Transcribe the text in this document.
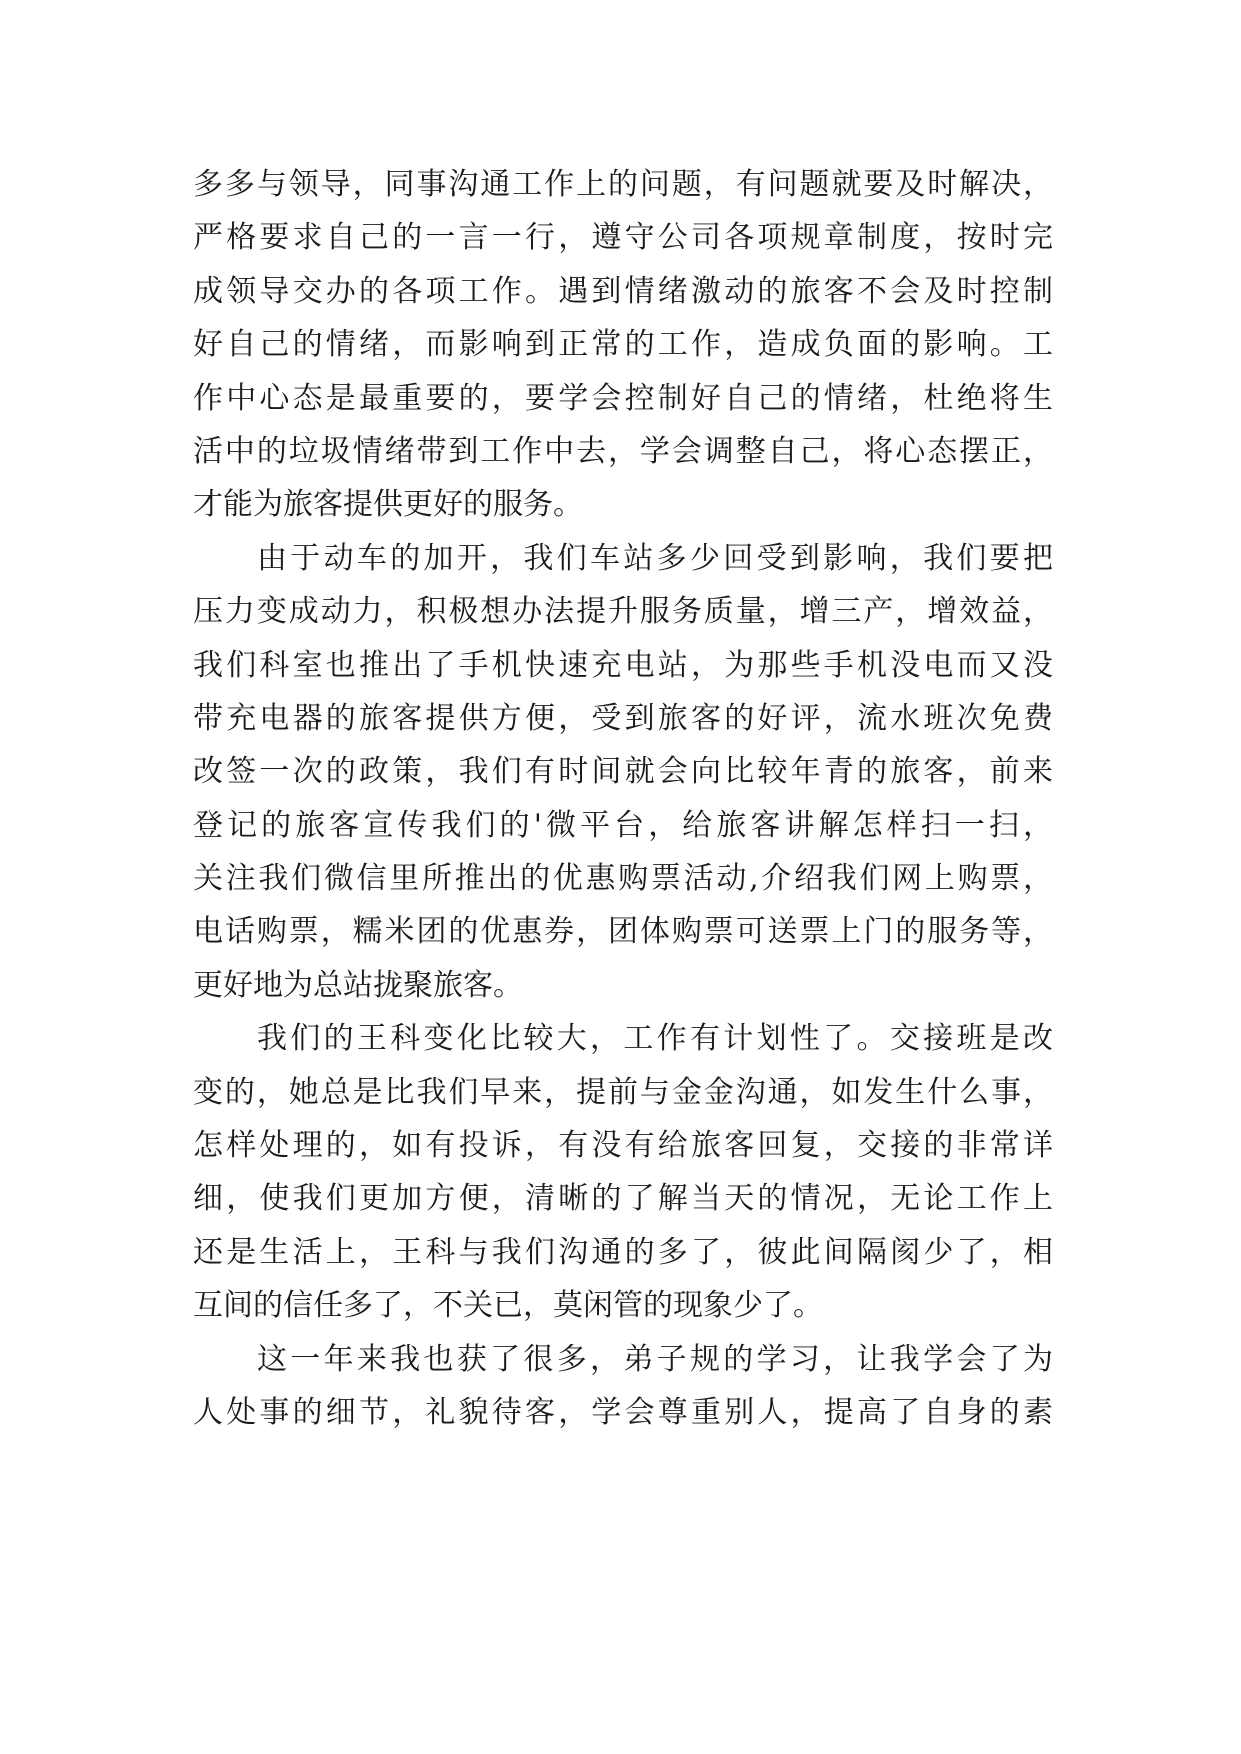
多多与领导，同事沟通工作上的问题，有问题就要及时解决，
严格要求自己的一言一行，遵守公司各项规章制度，按时完
成领导交办的各项工作。遇到情绪激动的旅客不会及时控制
好自己的情绪，而影响到正常的工作，造成负面的影响。工
作中心态是最重要的，要学会控制好自己的情绪，杜绝将生
活中的垃圾情绪带到工作中去，学会调整自己，将心态摆正，
才能为旅客提供更好的服务。
由于动车的加开，我们车站多少回受到影响，我们要把
压力变成动力，积极想办法提升服务质量，增三产，增效益，
我们科室也推出了手机快速充电站，为那些手机没电而又没
带充电器的旅客提供方便，受到旅客的好评，流水班次免费
改签一次的政策，我们有时间就会向比较年青的旅客，前来
登记的旅客宣传我们的'微平台，给旅客讲解怎样扫一扫，
关注我们微信里所推出的优惠购票活动,介绍我们网上购票，
电话购票，糯米团的优惠券，团体购票可送票上门的服务等，
更好地为总站拢聚旅客。
我们的王科变化比较大，工作有计划性了。交接班是改
变的，她总是比我们早来，提前与金金沟通，如发生什么事，
怎样处理的，如有投诉，有没有给旅客回复，交接的非常详
细，使我们更加方便，清晰的了解当天的情况，无论工作上
还是生活上，王科与我们沟通的多了，彼此间隔阂少了，相
互间的信任多了，不关已，莫闲管的现象少了。
这一年来我也获了很多，弟子规的学习，让我学会了为
人处事的细节，礼貌待客，学会尊重别人，提高了自身的素
